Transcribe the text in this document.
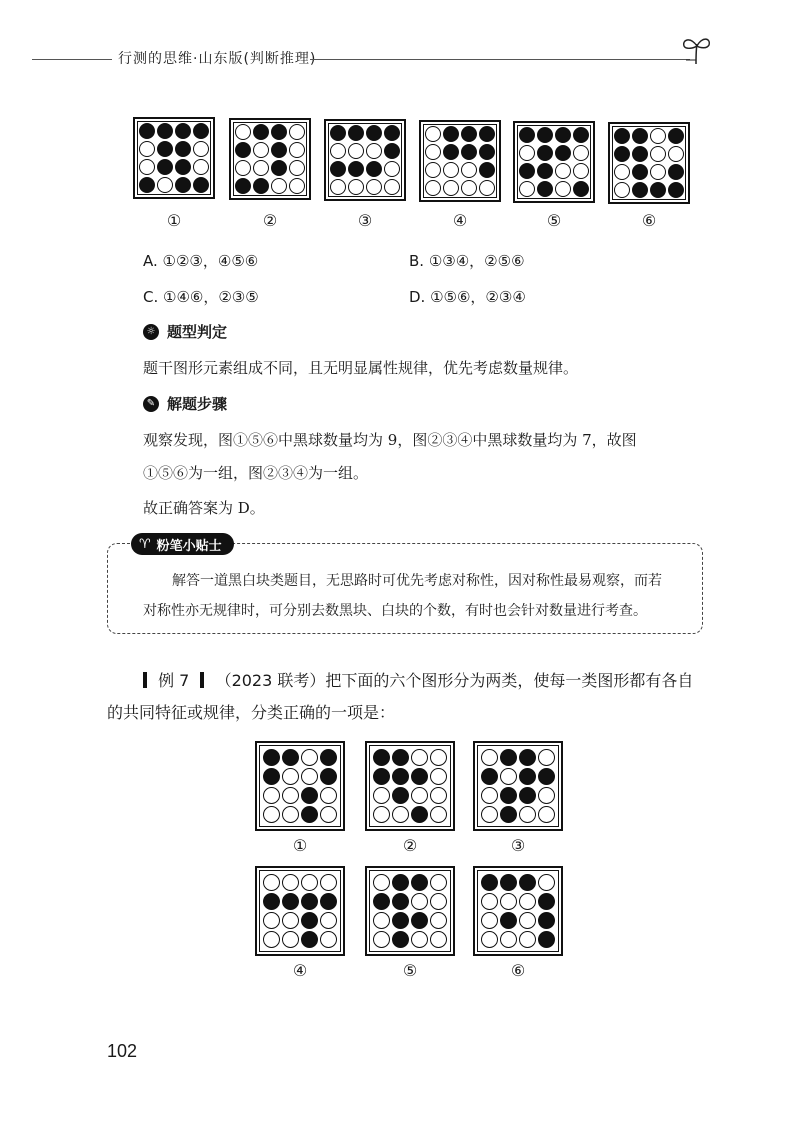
行测的思维·山东版(判断推理)
①	②	③	④	⑤	⑥
A. ①②③，④⑤⑥	B. ①③④，②⑤⑥
C. ①④⑥，②③⑤	D. ①⑤⑥，②③④
☼ 题型判定
题干图形元素组成不同，且无明显属性规律，优先考虑数量规律。
✎ 解题步骤
观察发现，图①⑤⑥中黑球数量均为 9，图②③④中黑球数量均为 7，故图
①⑤⑥为一组，图②③④为一组。
故正确答案为 D。
♈ 粉笔小贴士
解答一道黑白块类题目，无思路时可优先考虑对称性，因对称性最易观察，而若
对称性亦无规律时，可分别去数黑块、白块的个数，有时也会针对数量进行考查。
例 7 （2023 联考）把下面的六个图形分为两类，使每一类图形都有各自
的共同特征或规律，分类正确的一项是：
①	②	③
④	⑤	⑥
102
